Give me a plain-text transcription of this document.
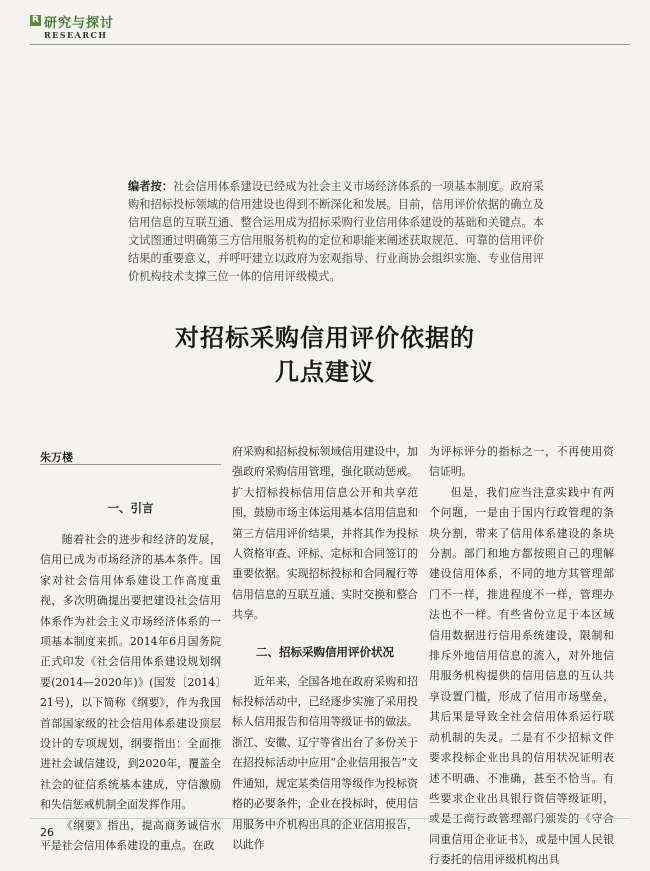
R 研究与探讨
RESEARCH
编者按：社会信用体系建设已经成为社会主义市场经济体系的一项基本制度。政府采购和招标投标领域的信用建设也得到不断深化和发展。目前，信用评价依据的确立及信用信息的互联互通、整合运用成为招标采购行业信用体系建设的基础和关键点。本文试图通过明确第三方信用服务机构的定位和职能来阐述获取规范、可靠的信用评价结果的重要意义，并呼吁建立以政府为宏观指导、行业商协会组织实施、专业信用评价机构技术支撑三位一体的信用评级模式。
对招标采购信用评价依据的
几点建议
朱万楼
一、引言

随着社会的进步和经济的发展，信用已成为市场经济的基本条件。国家对社会信用体系建设工作高度重视，多次明确提出要把建设社会信用体系作为社会主义市场经济体系的一项基本制度来抓。2014年6月国务院正式印发《社会信用体系建设规划纲要(2014—2020年)》(国发〔2014〕21号)，以下简称《纲要》，作为我国首部国家级的社会信用体系建设顶层设计的专项规划，纲要指出：全面推进社会诚信建设，到2020年，覆盖全社会的征信系统基本建成，守信激励和失信惩戒机制全面发挥作用。

《纲要》指出，提高商务诚信水平是社会信用体系建设的重点。在政

府采购和招标投标领域信用建设中，加强政府采购信用管理，强化联动惩戒。扩大招标投标信用信息公开和共享范围，鼓励市场主体运用基本信用信息和第三方信用评价结果，并将其作为投标人资格审查、评标、定标和合同签订的重要依据。实现招标投标和合同履行等信用信息的互联互通、实时交换和整合共享。

二、招标采购信用评价状况

近年来，全国各地在政府采购和招标投标活动中，已经逐步实施了采用投标人信用报告和信用等级证书的做法。浙江、安徽、辽宁等省出台了多份关于在招投标活动中应用“企业信用报告”文件通知，规定某类信用等级作为投标资格的必要条件，企业在投标时，使用信用服务中介机构出具的企业信用报告，以此作

为评标评分的指标之一，不再使用资信证明。

但是，我们应当注意实践中有两个问题，一是由于国内行政管理的条块分割，带来了信用体系建设的条块分割。部门和地方都按照自己的理解建设信用体系，不同的地方其管理部门不一样，推进程度不一样，管理办法也不一样。有些省份立足于本区域信用数据进行信用系统建设，限制和排斥外地信用信息的流入，对外地信用服务机构提供的信用信息的互认共享设置门槛，形成了信用市场壁垒，其后果是导致全社会信用体系运行联动机制的失灵。二是有不少招标文件要求投标企业出具的信用状况证明表述不明确、不准确，甚至不恰当。有些要求企业出具银行资信等级证明，或是工商行政管理部门颁发的《守合同重信用企业证书》，或是中国人民银行委托的信用评级机构出具

26
